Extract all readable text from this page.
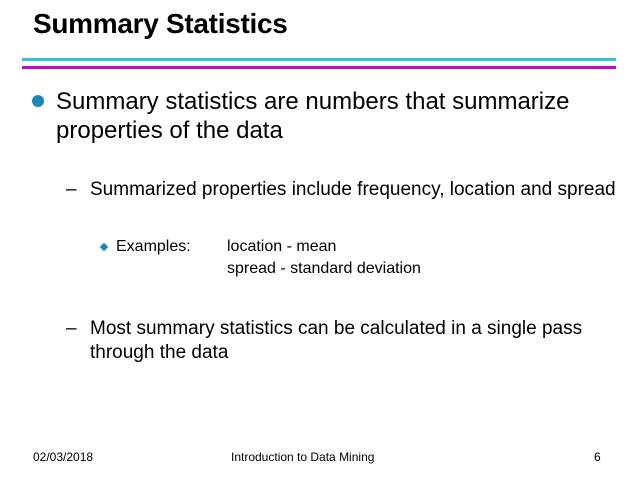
Summary Statistics
Summary statistics are numbers that summarize properties of the data
– Summarized properties include frequency, location and spread
Examples: location - mean
spread - standard deviation
– Most summary statistics can be calculated in a single pass through the data
02/03/2018	Introduction to Data Mining	6
